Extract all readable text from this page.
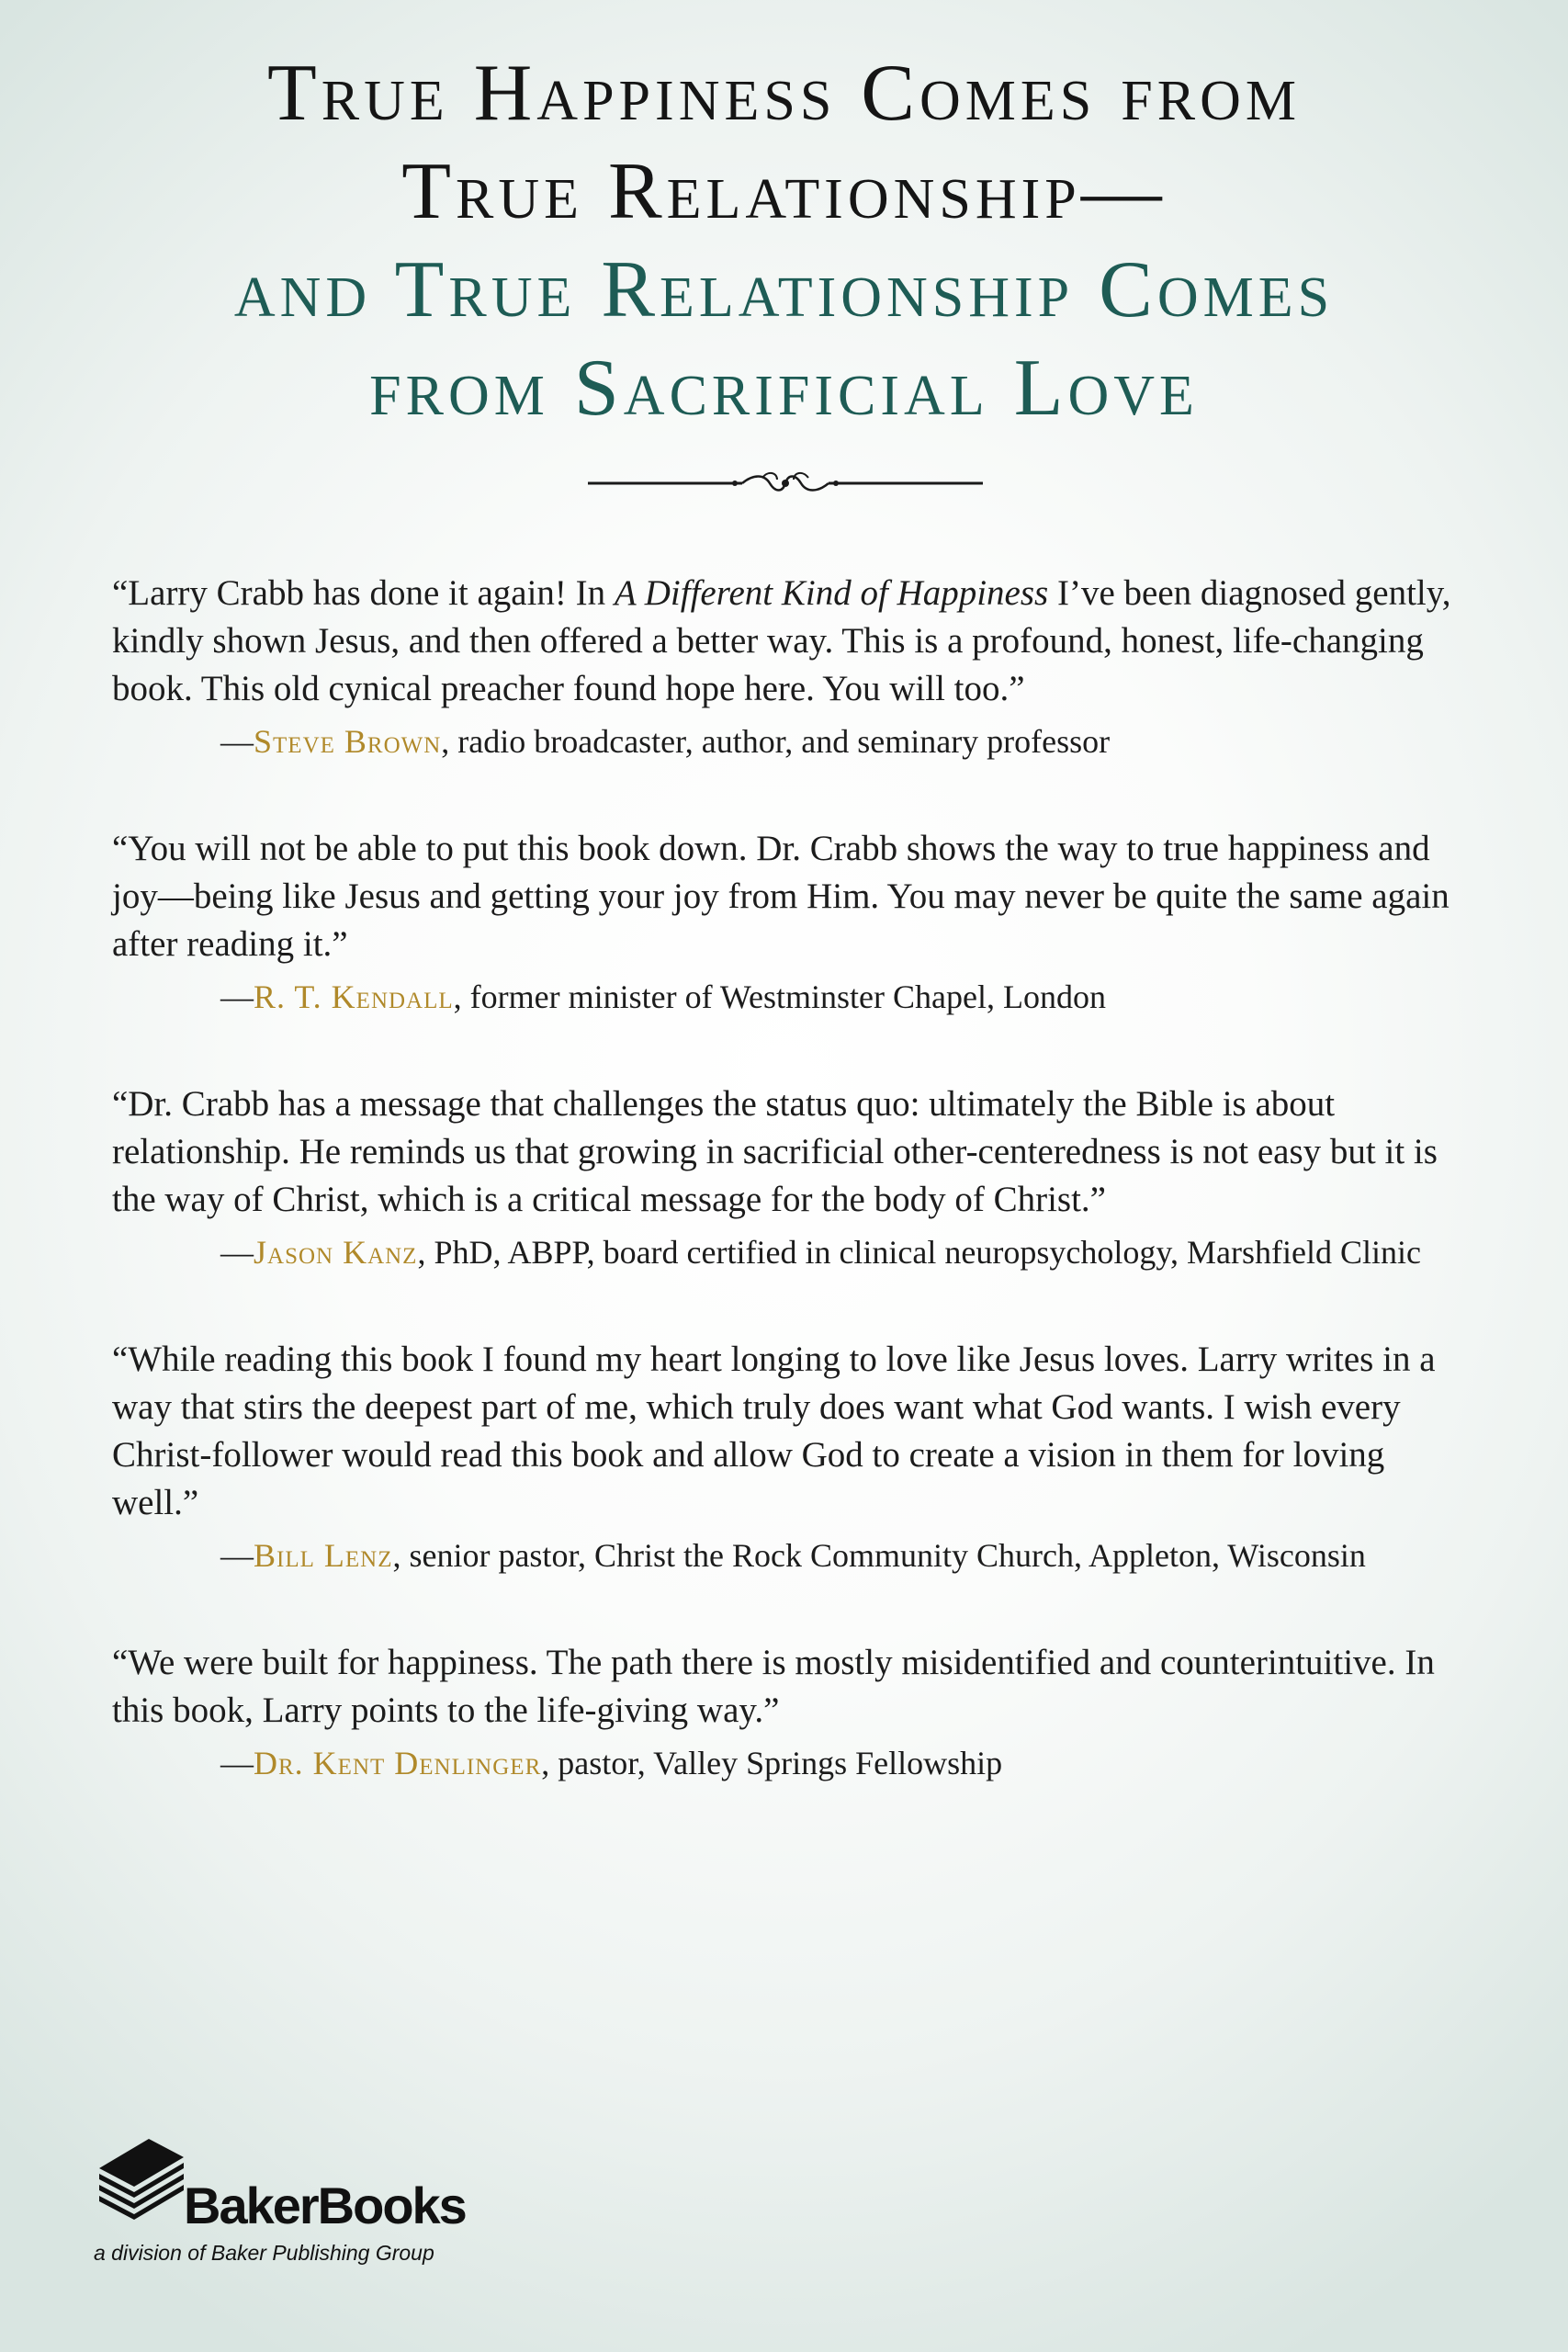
True Happiness Comes from
True Relationship—
and True Relationship Comes
from Sacrificial Love

“Larry Crabb has done it again! In A Different Kind of Happiness I’ve been diagnosed gently, kindly shown Jesus, and then offered a better way. This is a profound, honest, life-changing book. This old cynical preacher found hope here. You will too.”

—Steve Brown, radio broadcaster, author, and seminary professor

“You will not be able to put this book down. Dr. Crabb shows the way to true happiness and joy—being like Jesus and getting your joy from Him. You may never be quite the same again after reading it.”

—R. T. Kendall, former minister of Westminster Chapel, London

“Dr. Crabb has a message that challenges the status quo: ultimately the Bible is about relationship. He reminds us that growing in sacrificial other-centeredness is not easy but it is the way of Christ, which is a critical message for the body of Christ.”

—Jason Kanz, PhD, ABPP, board certified in clinical neuropsychology, Marshfield Clinic

“While reading this book I found my heart longing to love like Jesus loves. Larry writes in a way that stirs the deepest part of me, which truly does want what God wants. I wish every Christ-follower would read this book and allow God to create a vision in them for loving well.”

—Bill Lenz, senior pastor, Christ the Rock Community Church, Appleton, Wisconsin

“We were built for happiness. The path there is mostly misidentified and counterintuitive. In this book, Larry points to the life-giving way.”

—Dr. Kent Denlinger, pastor, Valley Springs Fellowship
BakerBooks
a division of Baker Publishing Group
